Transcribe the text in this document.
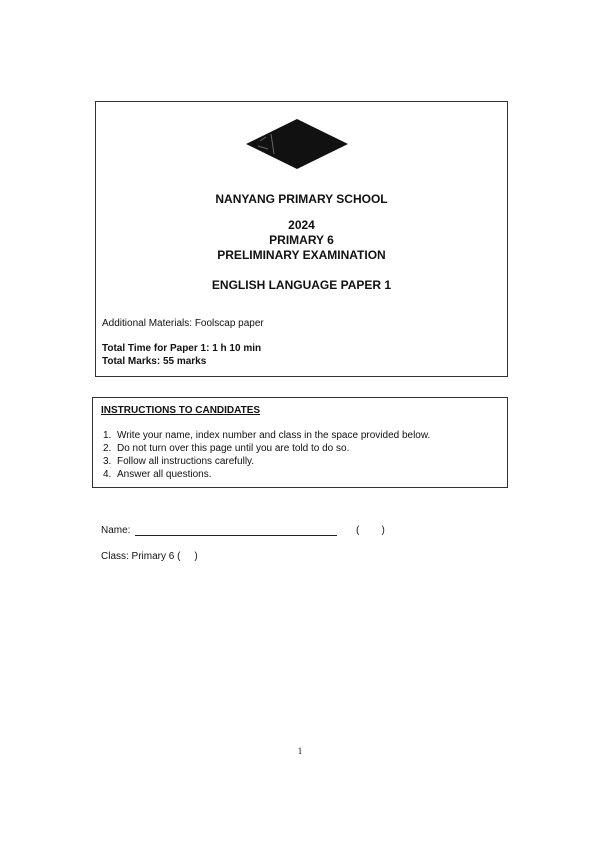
NANYANG PRIMARY SCHOOL
2024
PRIMARY 6
PRELIMINARY EXAMINATION
ENGLISH LANGUAGE PAPER 1
Additional Materials: Foolscap paper
Total Time for Paper 1: 1 h 10 min
Total Marks: 55 marks
INSTRUCTIONS TO CANDIDATES
1. Write your name, index number and class in the space provided below.
2. Do not turn over this page until you are told to do so.
3. Follow all instructions carefully.
4. Answer all questions.
Name:	(        )
Class: Primary 6 (     )
1
